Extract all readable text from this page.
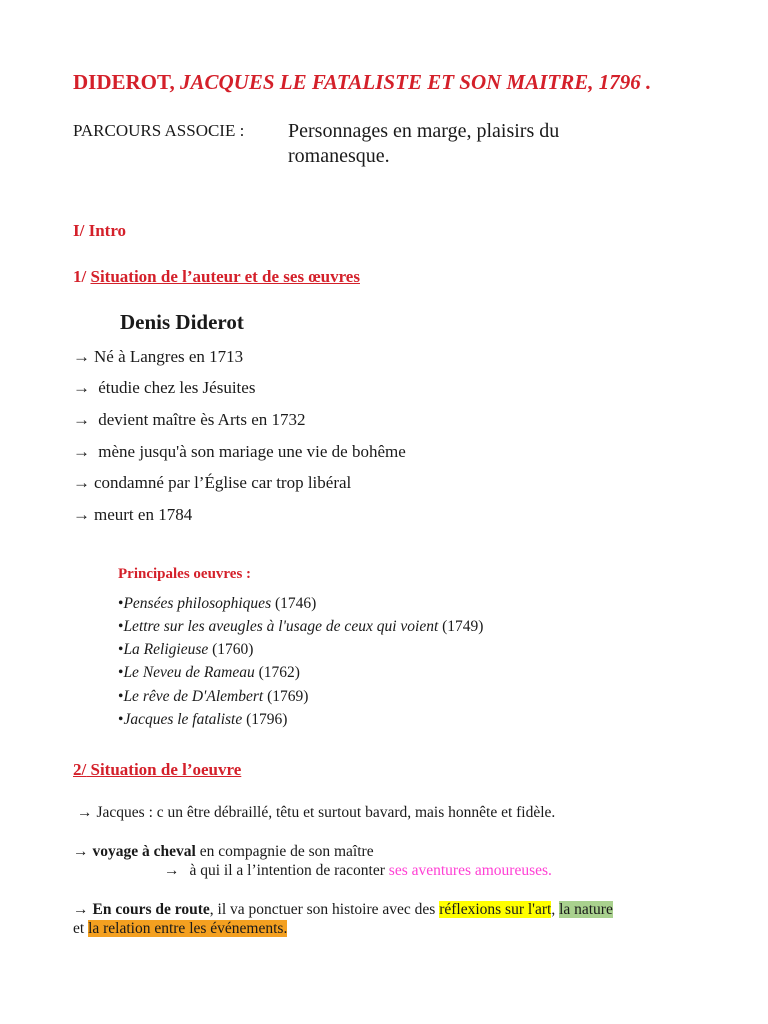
DIDEROT, JACQUES LE FATALISTE ET SON MAITRE, 1796 .
PARCOURS ASSOCIE : Personnages en marge, plaisirs du
romanesque.
I/ Intro
1/ Situation de l’auteur et de ses œuvres
Denis Diderot
→ Né à Langres en 1713
→ étudie chez les Jésuites
→ devient maître ès Arts en 1732
→ mène jusqu'à son mariage une vie de bohême
→ condamné par l’Église car trop libéral
→ meurt en 1784
Principales oeuvres :
•Pensées philosophiques (1746)
•Lettre sur les aveugles à l'usage de ceux qui voient (1749)
•La Religieuse (1760)
•Le Neveu de Rameau (1762)
•Le rêve de D'Alembert (1769)
•Jacques le fataliste (1796)
2/ Situation de l’oeuvre
→ Jacques : c un être débraillé, têtu et surtout bavard, mais honnête et fidèle.
→ voyage à cheval en compagnie de son maître
→ à qui il a l’intention de raconter ses aventures amoureuses.
→ En cours de route, il va ponctuer son histoire avec des réflexions sur l'art, la nature
et la relation entre les événements.
